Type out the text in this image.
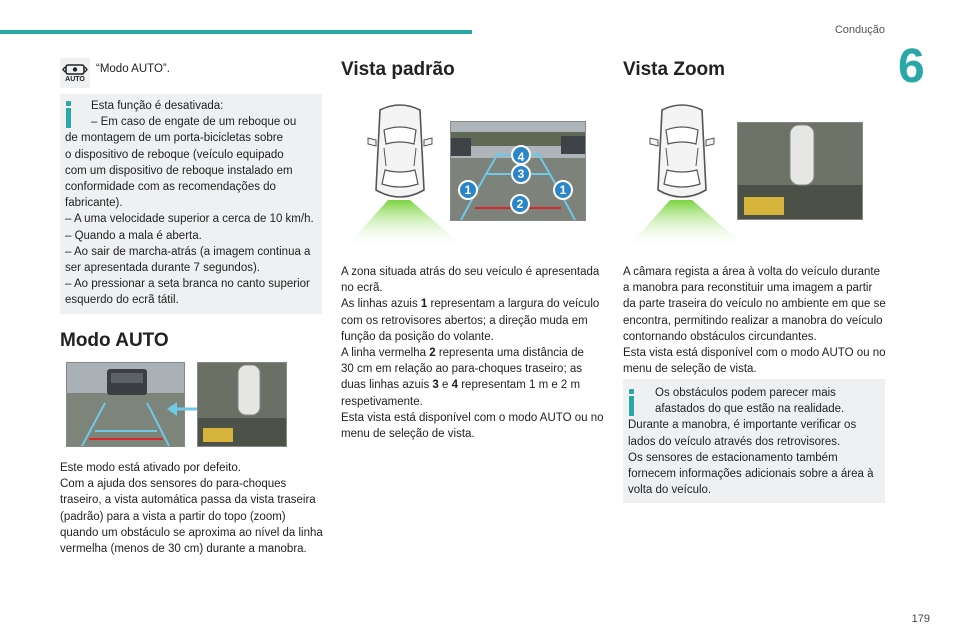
Condução
6
AUTO
“Modo AUTO”.

Esta função é desativada:

– Em caso de engate de um reboque ou

de montagem de um porta-bicicletas sobre

o dispositivo de reboque (veículo equipado

com um dispositivo de reboque instalado em

conformidade com as recomendações do

fabricante).

– A uma velocidade superior a cerca de 10 km/h.

– Quando a mala é aberta.

– Ao sair de marcha-atrás (a imagem continua a

ser apresentada durante 7 segundos).

– Ao pressionar a seta branca no canto superior

esquerdo do ecrã tátil.

Modo AUTO

Este modo está ativado por defeito.

Com a ajuda dos sensores do para-choques

traseiro, a vista automática passa da vista traseira

(padrão) para a vista a partir do topo (zoom)

quando um obstáculo se aproxima ao nível da linha

vermelha (menos de 30 cm) durante a manobra.

Vista padrão
4
3
1	1
2

A zona situada atrás do seu veículo é apresentada

no ecrã.

As linhas azuis 1 representam a largura do veículo

com os retrovisores abertos; a direção muda em

função da posição do volante.

A linha vermelha 2 representa uma distância de

30 cm em relação ao para-choques traseiro; as

duas linhas azuis 3 e 4 representam 1 m e 2 m

respetivamente.

Esta vista está disponível com o modo AUTO ou no

menu de seleção de vista.

Vista Zoom

A câmara regista a área à volta do veículo durante

a manobra para reconstituir uma imagem a partir

da parte traseira do veículo no ambiente em que se

encontra, permitindo realizar a manobra do veículo

contornando obstáculos circundantes.

Esta vista está disponível com o modo AUTO ou no

menu de seleção de vista.

Os obstáculos podem parecer mais

afastados do que estão na realidade.

Durante a manobra, é importante verificar os

lados do veículo através dos retrovisores.

Os sensores de estacionamento também

fornecem informações adicionais sobre a área à

volta do veículo.

179
